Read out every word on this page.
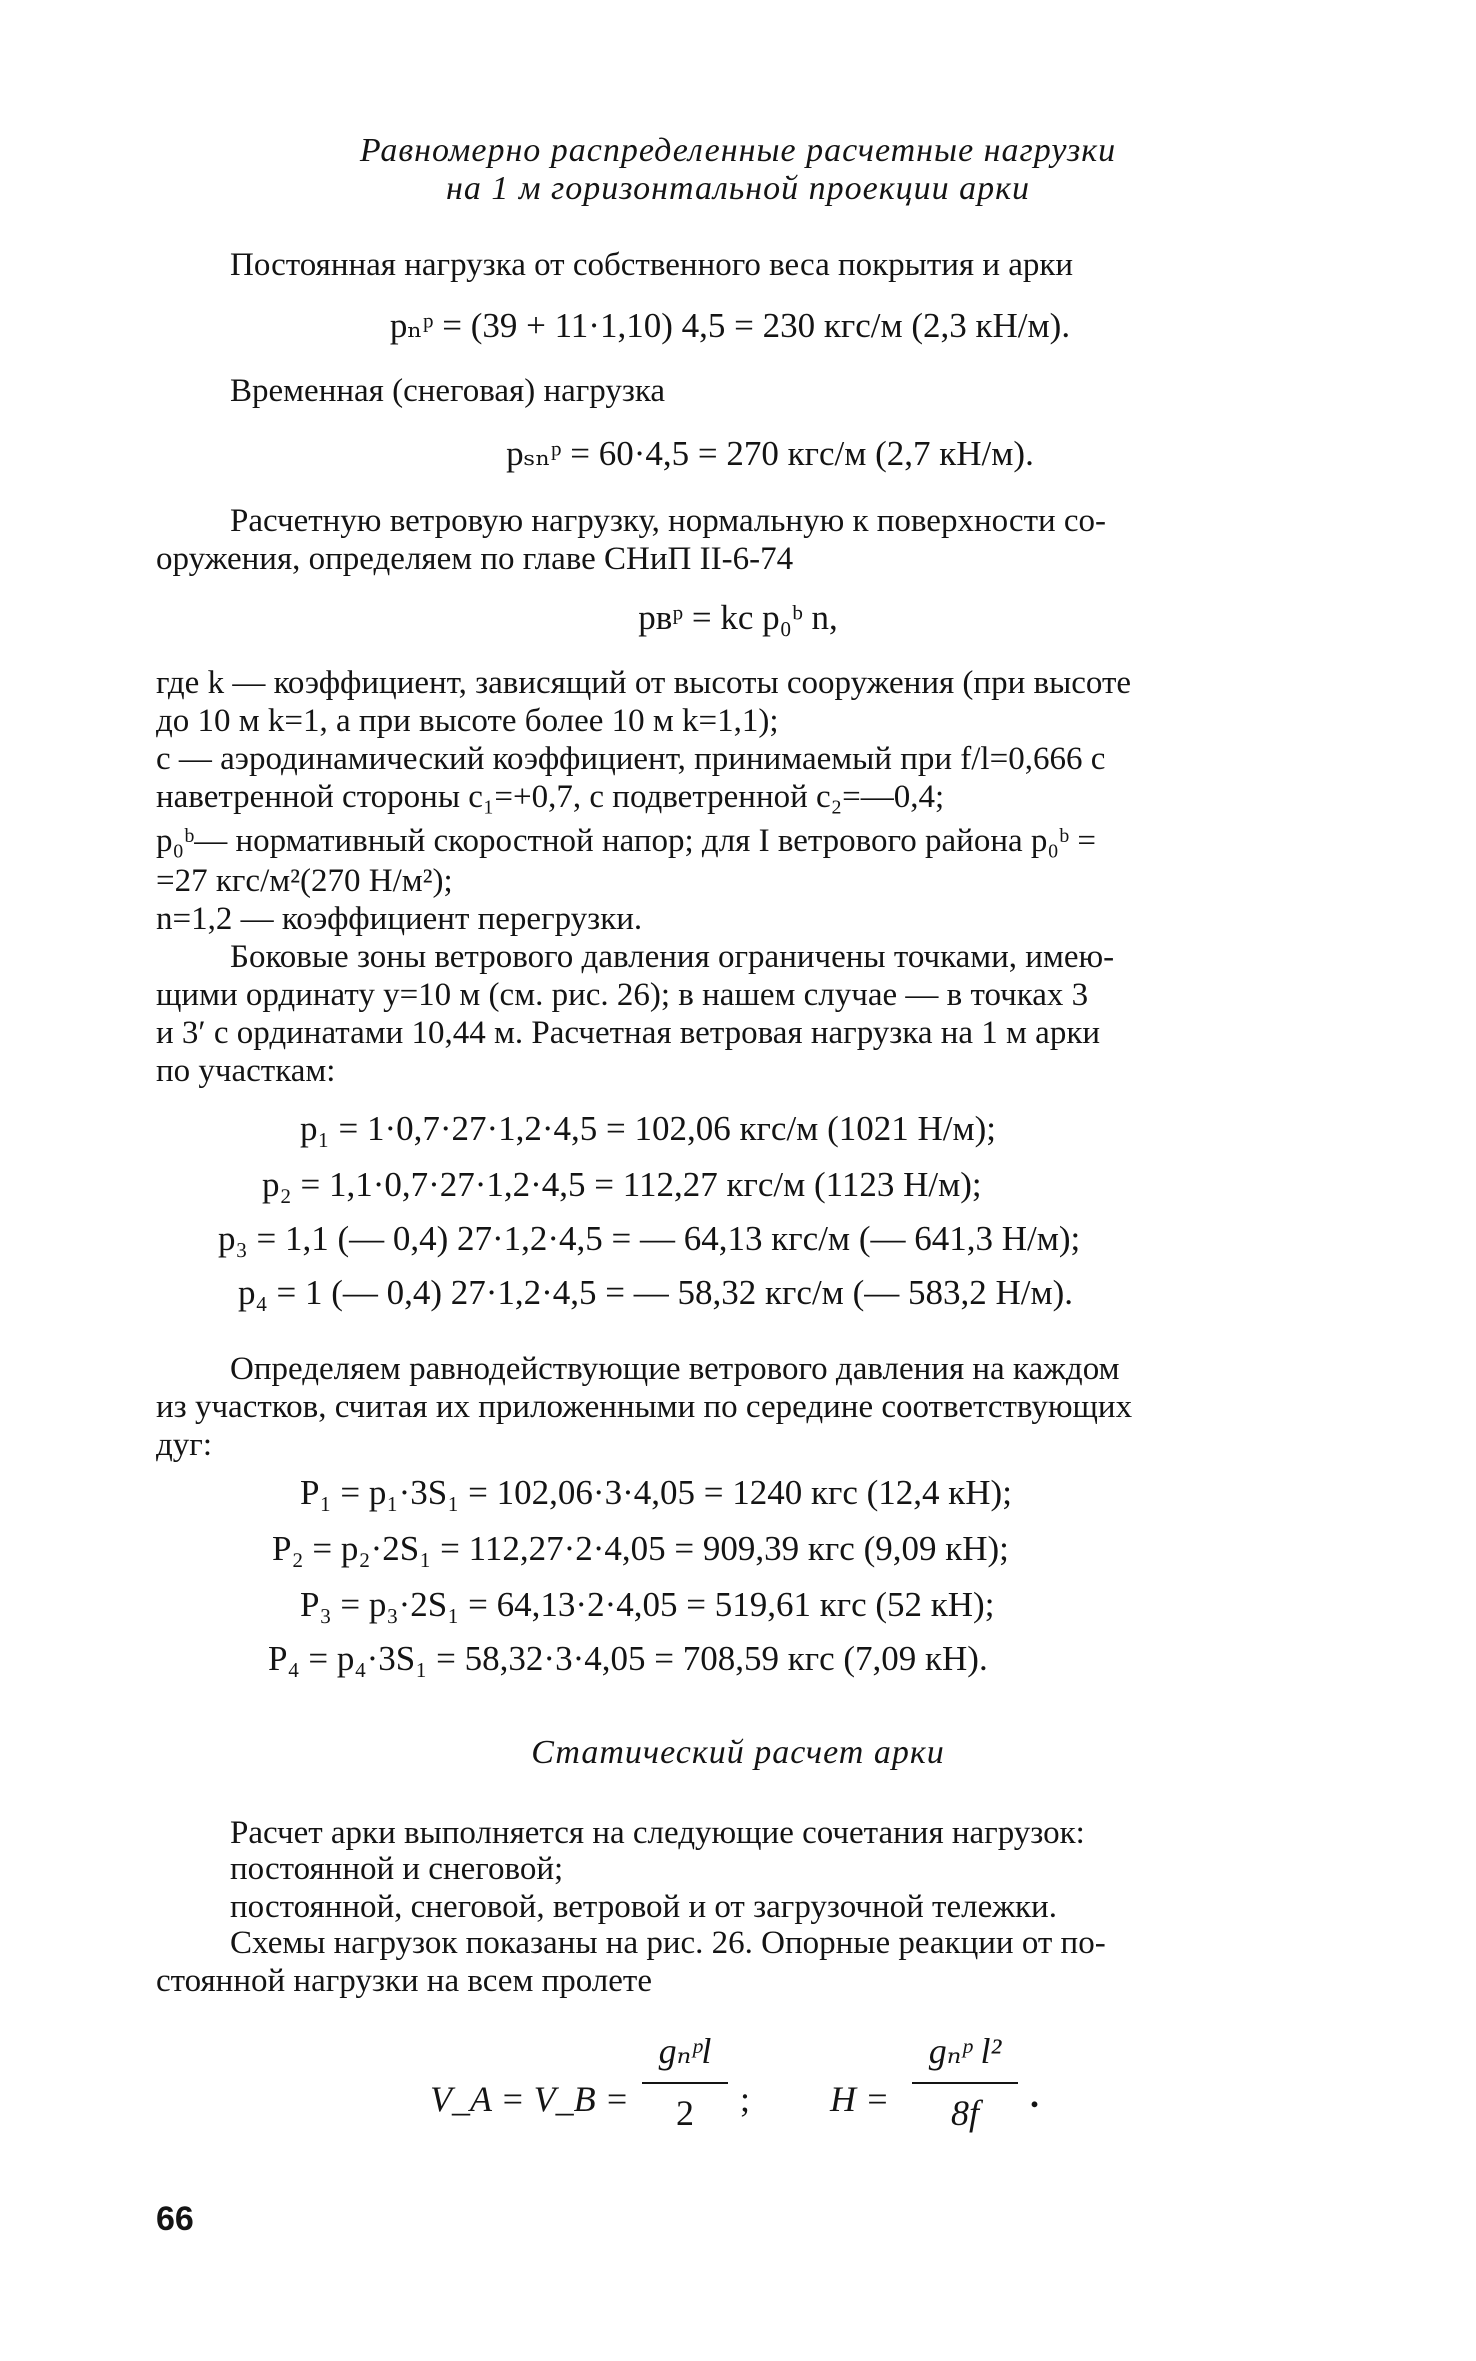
Равномерно распределенные расчетные нагрузки
на 1 м горизонтальной проекции арки
Постоянная нагрузка от собственного веса покрытия и арки
pₙᵖ = (39 + 11·1,10) 4,5 = 230 кгс/м (2,3 кН/м).
Временная (снеговая) нагрузка
pₛₙᵖ = 60·4,5 = 270 кгс/м (2,7 кН/м).
Расчетную ветровую нагрузку, нормальную к поверхности со-
оружения, определяем по главе СНиП II-6-74
pвᵖ = kc p₀ᵇ n,
где k — коэффициент, зависящий от высоты сооружения (при высоте
до 10 м k=1, а при высоте более 10 м k=1,1);
c — аэродинамический коэффициент, принимаемый при f/l=0,666 с
наветренной стороны c₁=+0,7, с подветренной c₂=—0,4;
p₀ᵇ— нормативный скоростной напор; для I ветрового района p₀ᵇ =
=27 кгс/м²(270 Н/м²);
n=1,2 — коэффициент перегрузки.
Боковые зоны ветрового давления ограничены точками, имею-
щими ординату y=10 м (см. рис. 26); в нашем случае — в точках 3
и 3′ с ординатами 10,44 м. Расчетная ветровая нагрузка на 1 м арки
по участкам:
p₁ = 1·0,7·27·1,2·4,5 = 102,06 кгс/м (1021 Н/м);
p₂ = 1,1·0,7·27·1,2·4,5 = 112,27 кгс/м (1123 Н/м);
p₃ = 1,1 (— 0,4) 27·1,2·4,5 = — 64,13 кгс/м (— 641,3 Н/м);
p₄ = 1 (— 0,4) 27·1,2·4,5 = — 58,32 кгс/м (— 583,2 Н/м).
Определяем равнодействующие ветрового давления на каждом
из участков, считая их приложенными по середине соответствующих
дуг:
P₁ = p₁·3S₁ = 102,06·3·4,05 = 1240 кгс (12,4 кН);
P₂ = p₂·2S₁ = 112,27·2·4,05 = 909,39 кгс (9,09 кН);
P₃ = p₃·2S₁ = 64,13·2·4,05 = 519,61 кгс (52 кН);
P₄ = p₄·3S₁ = 58,32·3·4,05 = 708,59 кгс (7,09 кН).
Статический расчет арки
Расчет арки выполняется на следующие сочетания нагрузок:
постоянной и снеговой;
постоянной, снеговой, ветровой и от загрузочной тележки.
Схемы нагрузок показаны на рис. 26. Опорные реакции от по-
стоянной нагрузки на всем пролете
V_A = V_B =
gₙᵖl
2	; H =
gₙᵖ l²
8f	.
66
